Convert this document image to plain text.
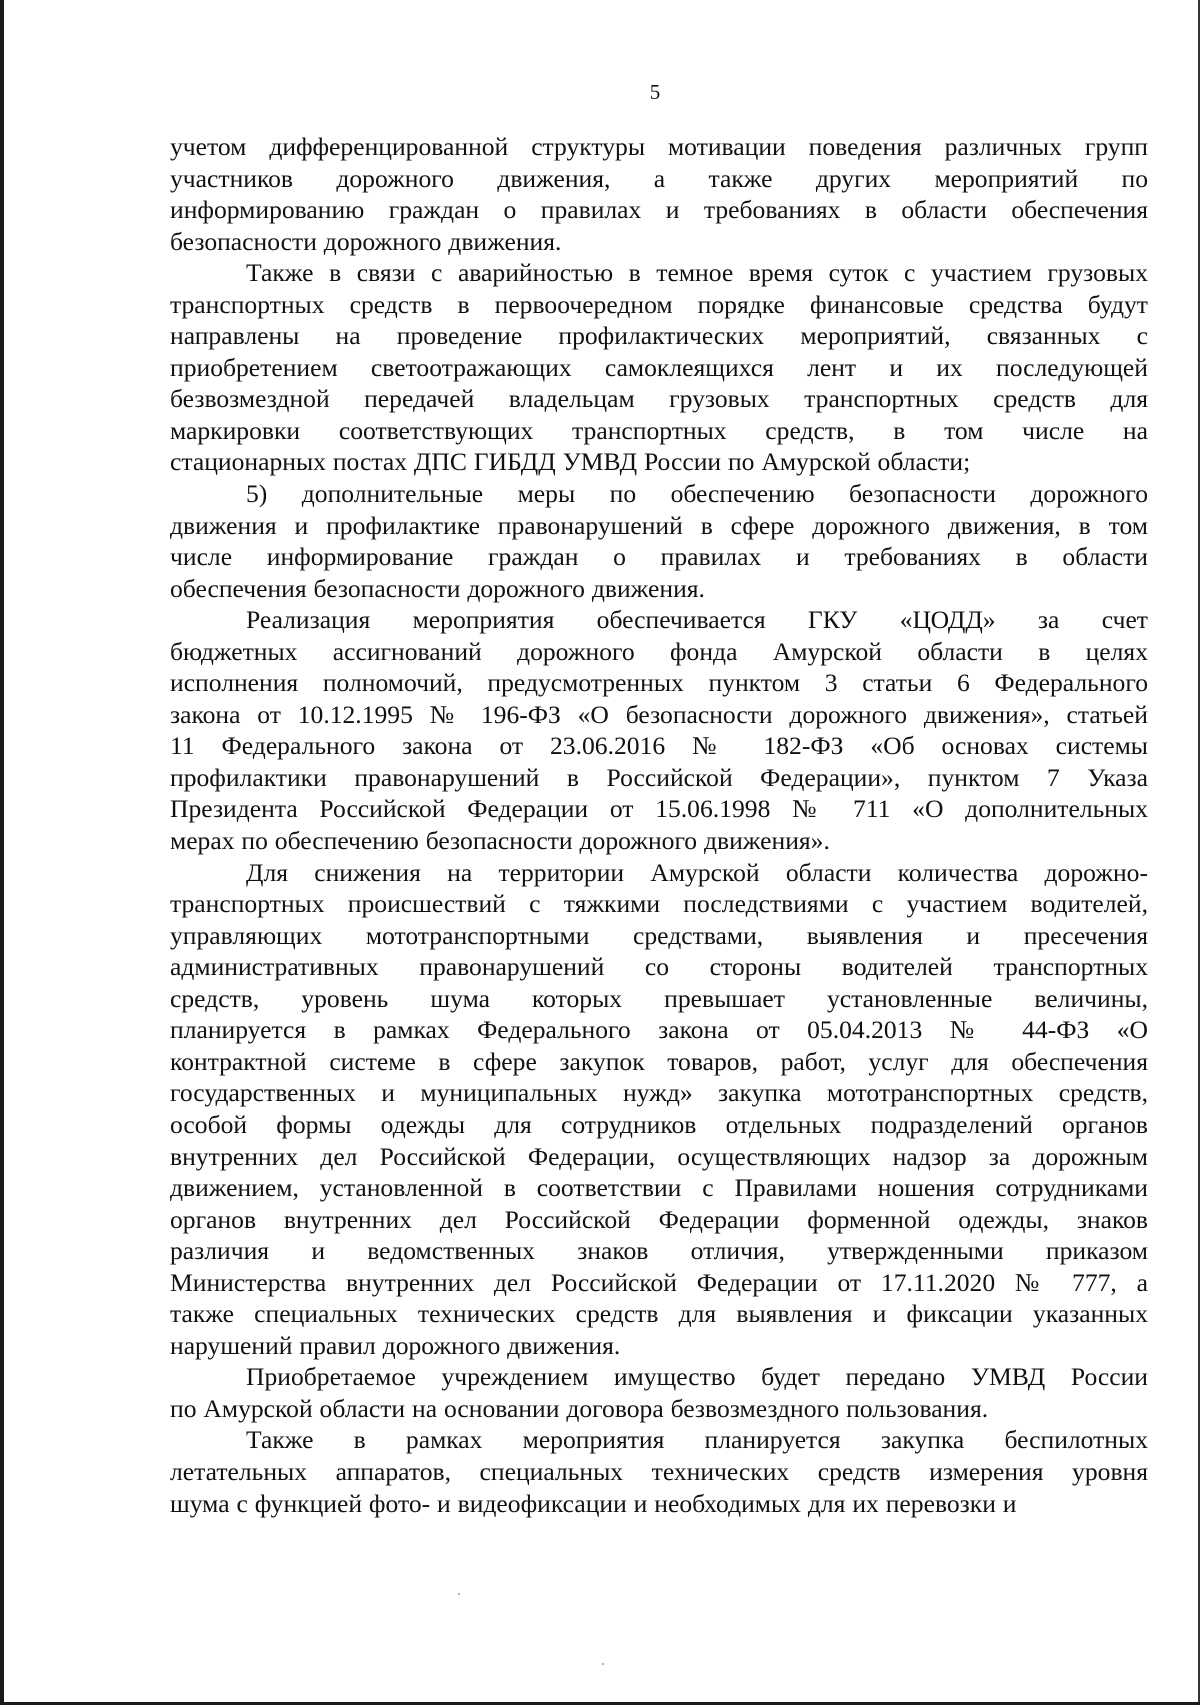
5

учетом дифференцированной структуры мотивации поведения различных групп
участников дорожного движения, а также других мероприятий по
информированию граждан о правилах и требованиях в области обеспечения
безопасности дорожного движения.

Также в связи с аварийностью в темное время суток с участием грузовых
транспортных средств в первоочередном порядке финансовые средства будут
направлены на проведение профилактических мероприятий, связанных с
приобретением светоотражающих самоклеящихся лент и их последующей
безвозмездной передачей владельцам грузовых транспортных средств для
маркировки соответствующих транспортных средств, в том числе на
стационарных постах ДПС ГИБДД УМВД России по Амурской области;

5) дополнительные меры по обеспечению безопасности дорожного
движения и профилактике правонарушений в сфере дорожного движения, в том
числе информирование граждан о правилах и требованиях в области
обеспечения безопасности дорожного движения.

Реализация мероприятия обеспечивается ГКУ «ЦОДД» за счет
бюджетных ассигнований дорожного фонда Амурской области в целях
исполнения полномочий, предусмотренных пунктом 3 статьи 6 Федерального
закона от 10.12.1995 № 196-ФЗ «О безопасности дорожного движения», статьей
11 Федерального закона от 23.06.2016 № 182-ФЗ «Об основах системы
профилактики правонарушений в Российской Федерации», пунктом 7 Указа
Президента Российской Федерации от 15.06.1998 № 711 «О дополнительных
мерах по обеспечению безопасности дорожного движения».

Для снижения на территории Амурской области количества дорожно-
транспортных происшествий с тяжкими последствиями с участием водителей,
управляющих мототранспортными средствами, выявления и пресечения
административных правонарушений со стороны водителей транспортных
средств, уровень шума которых превышает установленные величины,
планируется в рамках Федерального закона от 05.04.2013 № 44-ФЗ «О
контрактной системе в сфере закупок товаров, работ, услуг для обеспечения
государственных и муниципальных нужд» закупка мототранспортных средств,
особой формы одежды для сотрудников отдельных подразделений органов
внутренних дел Российской Федерации, осуществляющих надзор за дорожным
движением, установленной в соответствии с Правилами ношения сотрудниками
органов внутренних дел Российской Федерации форменной одежды, знаков
различия и ведомственных знаков отличия, утвержденными приказом
Министерства внутренних дел Российской Федерации от 17.11.2020 № 777, а
также специальных технических средств для выявления и фиксации указанных
нарушений правил дорожного движения.

Приобретаемое учреждением имущество будет передано УМВД России
по Амурской области на основании договора безвозмездного пользования.

Также в рамках мероприятия планируется закупка беспилотных
летательных аппаратов, специальных технических средств измерения уровня
шума с функцией фото- и видеофиксации и необходимых для их перевозки и
